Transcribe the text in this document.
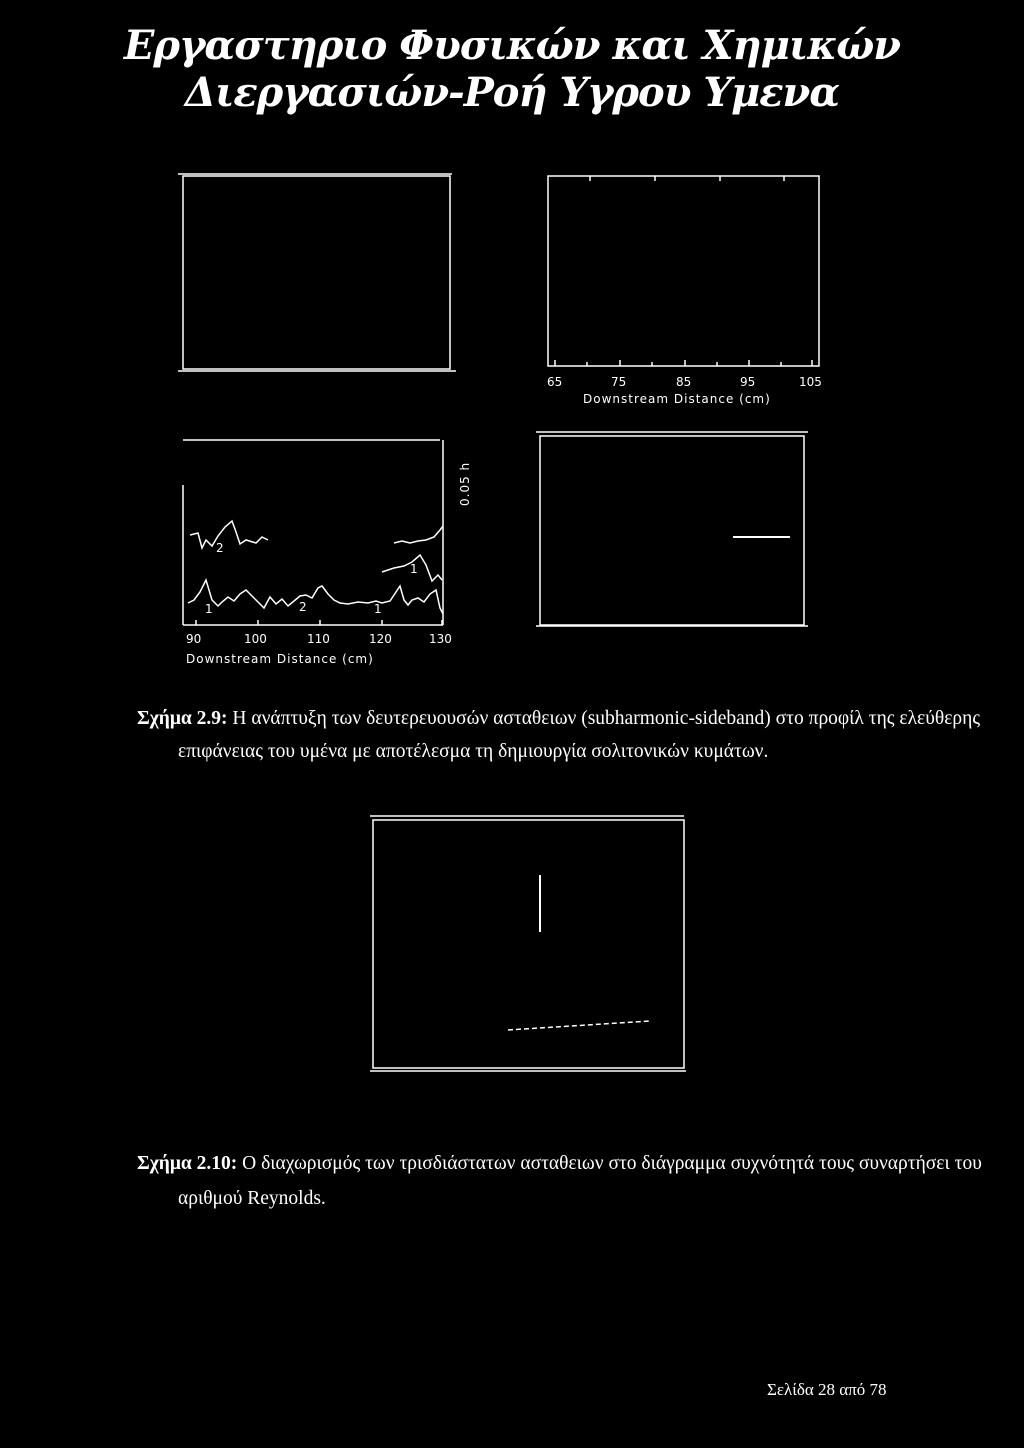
Εργαστηριο Φυσικών και Χημικών Διεργασιών-Ροή Υγρου Υμενα
65	75	85	95	105
Downstream Distance (cm)
0.05 h
2
1
1	2	1
90	100	110	120	130
Downstream Distance (cm)
Σχήμα 2.9: Η ανάπτυξη των δευτερευουσών ασταθειων (subharmonic-sideband) στο προφίλ της ελεύθερης
επιφάνειας του υμένα με αποτέλεσμα τη δημιουργία σολιτονικών κυμάτων.
Σχήμα 2.10: Ο διαχωρισμός των τρισδιάστατων ασταθειων στο διάγραμμα συχνότητά τους συναρτήσει του
αριθμού Reynolds.
Σελίδα 28 από 78
